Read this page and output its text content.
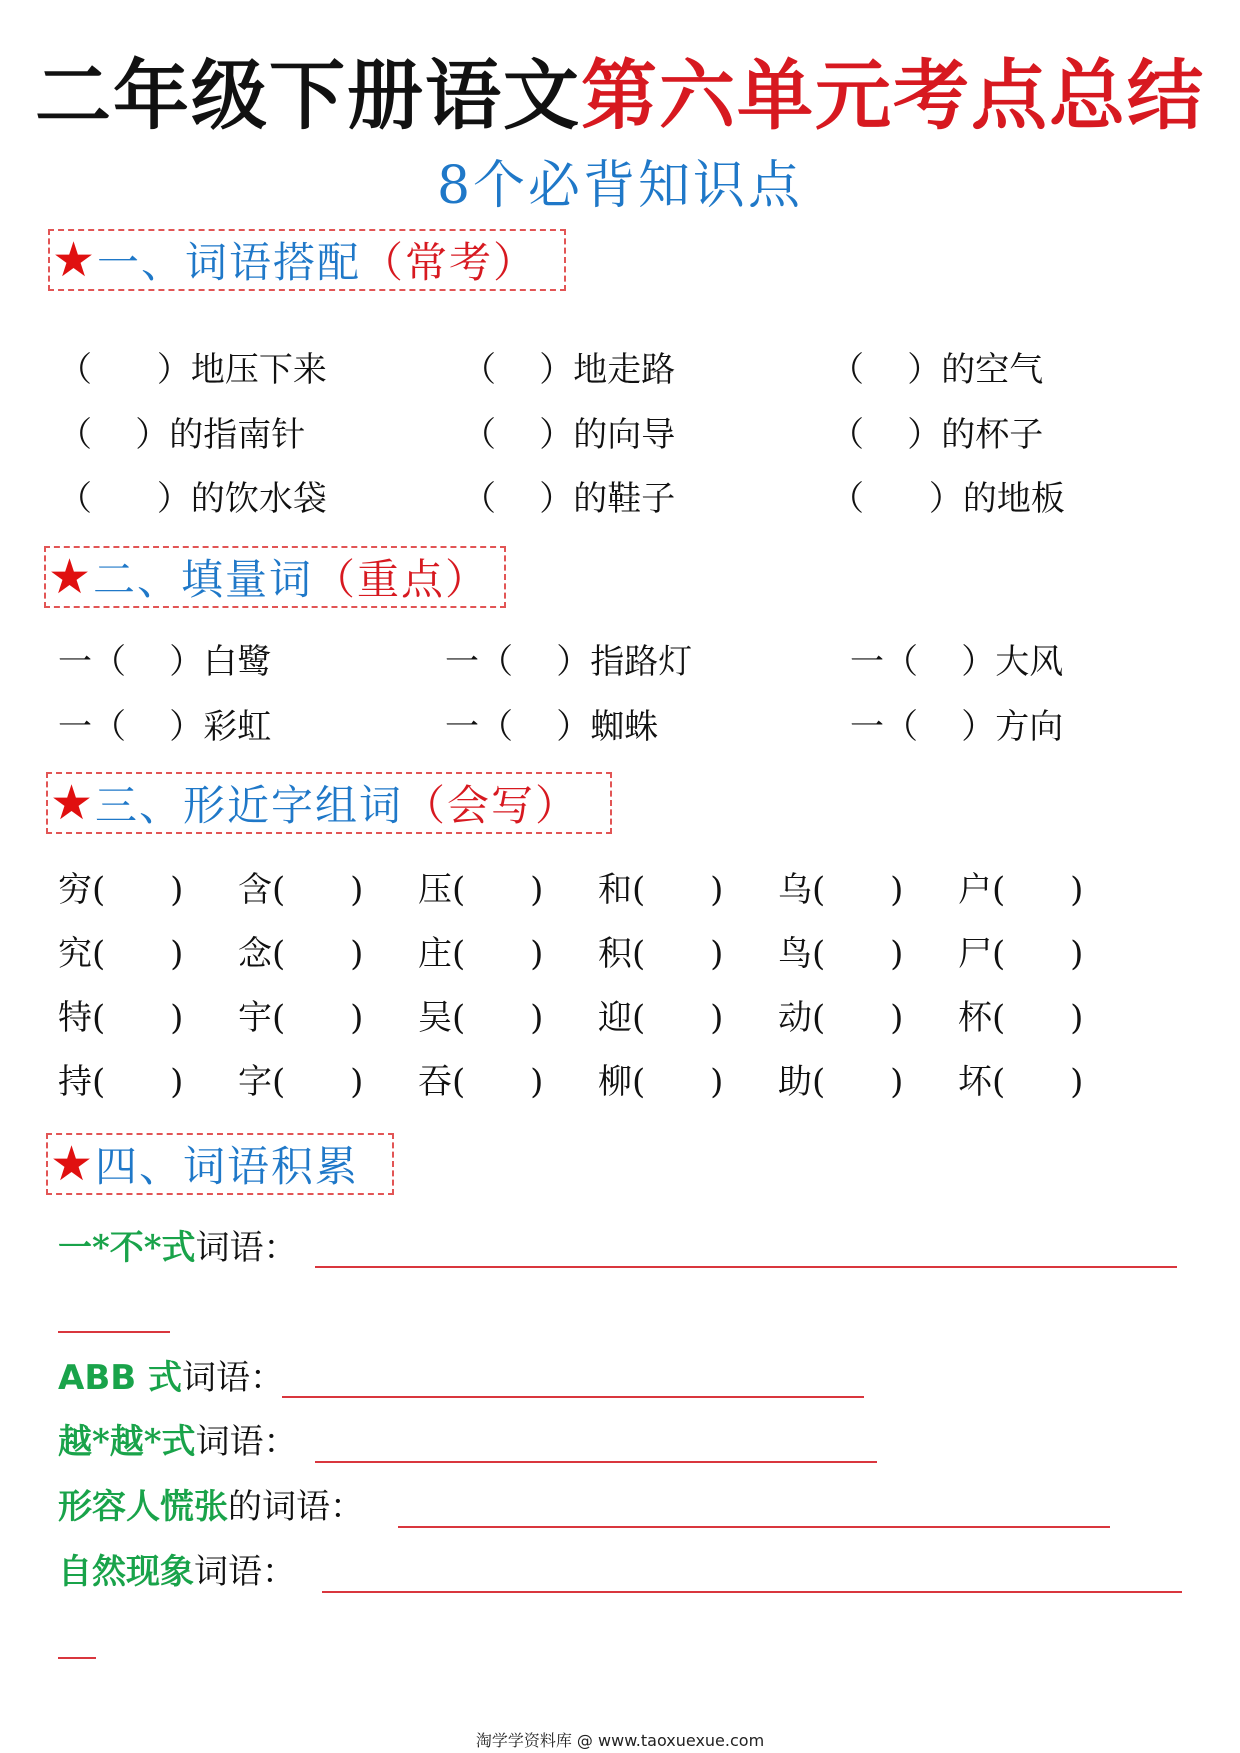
二年级下册语文第六单元考点总结
8个必背知识点
★ 一、词语搭配 （常考）
（      ）地压下来	（    ）地走路	（    ）的空气
（    ）的指南针	（    ）的向导	（    ）的杯子
（      ）的饮水袋	（    ）的鞋子	（      ）的地板
★ 二、填量词 （重点）
一（    ）白鹭	一（    ）指路灯	一（    ）大风
一（    ）彩虹	一（    ）蜘蛛	一（    ）方向
★ 三、形近字组词 （会写）
穷(      ) 含(      ) 压(      ) 和(      ) 乌(      ) 户(      )
究(      ) 念(      ) 庄(      ) 积(      ) 鸟(      ) 尸(      )
特(      ) 宇(      ) 吴(      ) 迎(      ) 动(      ) 杯(      )
持(      ) 字(      ) 吞(      ) 柳(      ) 助(      ) 坏(      )
★ 四、词语积累
一*不*式词语：
ABB 式词语：
越*越*式词语：
形容人慌张的词语：
自然现象词语：
淘学学资料库 @ www.taoxuexue.com
